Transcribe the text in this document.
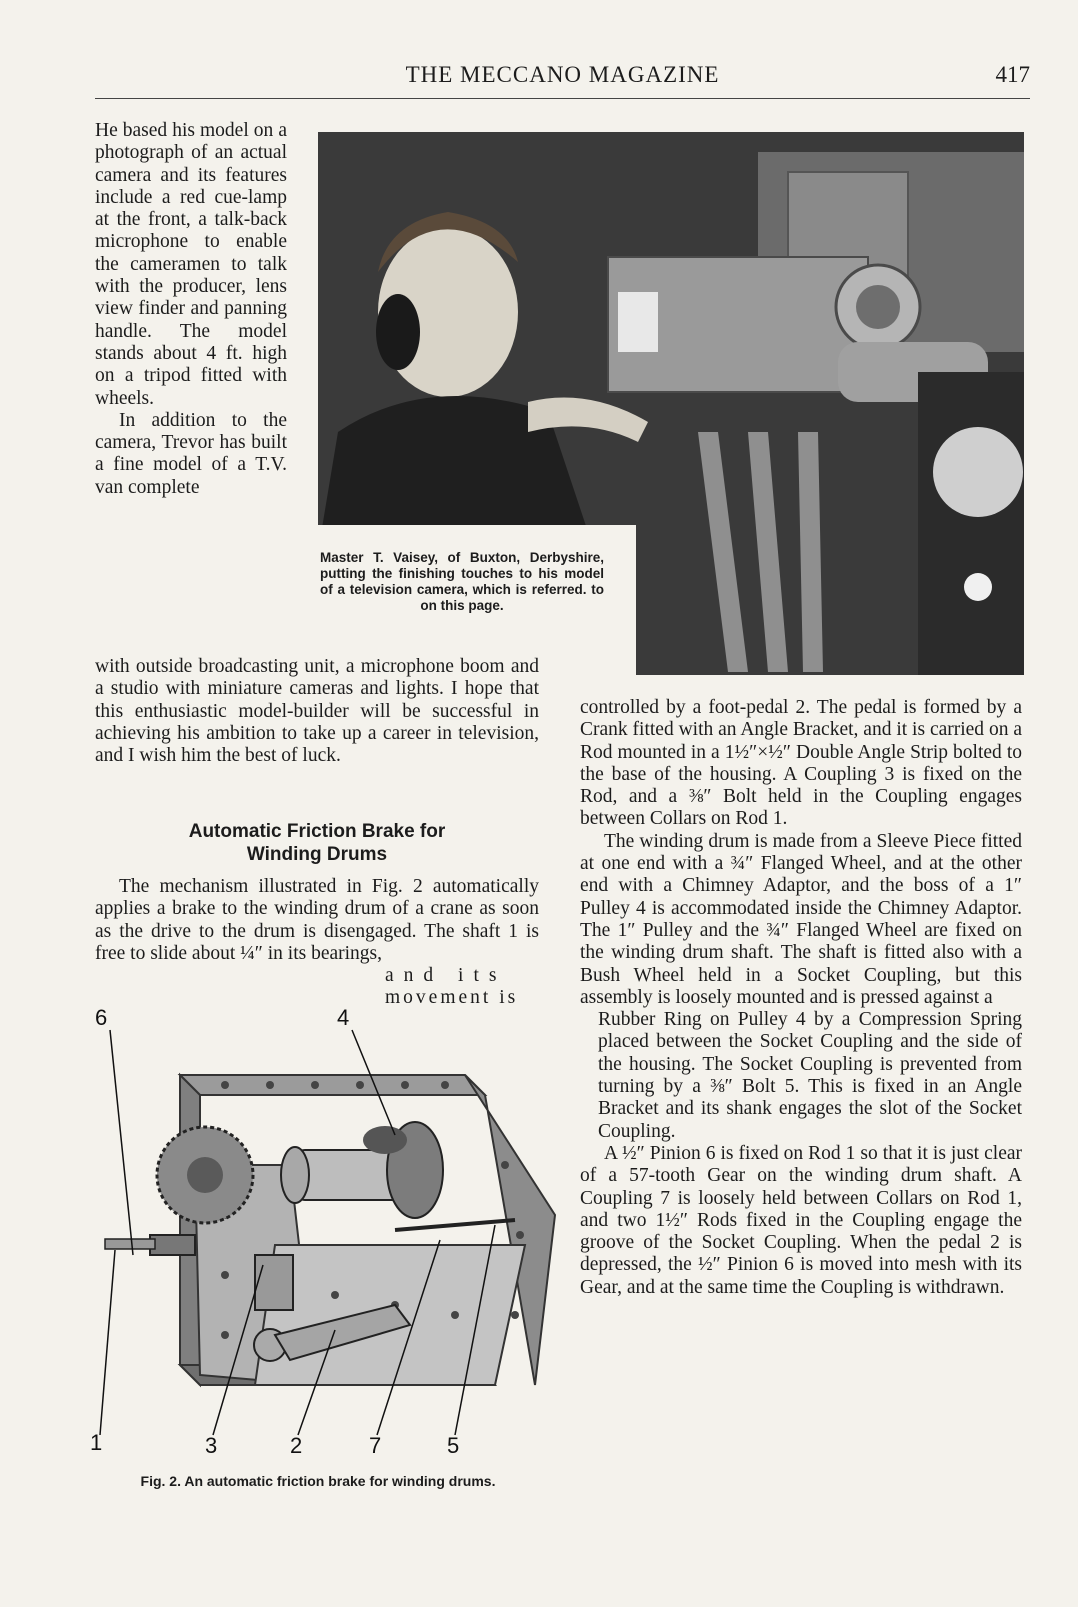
THE MECCANO MAGAZINE	417
Master T. Vaisey, of Buxton, Derbyshire, putting the finishing touches to his model of a television camera, which is referred. to on this page.

He based his model on a photograph of an actual camera and its features include a red cue-lamp at the front, a talk-back microphone to enable the cameramen to talk with the producer, lens view finder and panning handle. The model stands about 4 ft. high on a tripod fitted with wheels.

In addition to the camera, Trevor has built a fine model of a T.V. van complete

with outside broadcasting unit, a microphone boom and a studio with miniature cameras and lights. I hope that this enthusiastic model-builder will be successful in achieving his ambition to take up a career in television, and I wish him the best of luck.

Automatic Friction Brake for
Winding Drums

The mechanism illustrated in Fig. 2 automatically applies a brake to the winding drum of a crane as soon as the drive to the drum is disengaged. The shaft 1 is free to slide about ¼″ in its bearings,

and its

movement is

6	4
1	3	2	7	5
Fig. 2. An automatic friction brake for winding drums.

controlled by a foot-pedal 2. The pedal is formed by a Crank fitted with an Angle Bracket, and it is carried on a Rod mounted in a 1½″×½″ Double Angle Strip bolted to the base of the housing. A Coupling 3 is fixed on the Rod, and a ⅜″ Bolt held in the Coupling engages between Collars on Rod 1.

The winding drum is made from a Sleeve Piece fitted at one end with a ¾″ Flanged Wheel, and at the other end with a Chimney Adaptor, and the boss of a 1″ Pulley 4 is accommodated inside the Chimney Adaptor. The 1″ Pulley and the ¾″ Flanged Wheel are fixed on the winding drum shaft. The shaft is fitted also with a Bush Wheel held in a Socket Coupling, but this assembly is loosely mounted and is pressed against a

Rubber Ring on Pulley 4 by a Compression Spring placed between the Socket Coupling and the side of the housing. The Socket Coupling is prevented from turning by a ⅜″ Bolt 5. This is fixed in an Angle Bracket and its shank engages the slot of the Socket Coupling.

A ½″ Pinion 6 is fixed on Rod 1 so that it is just clear of a 57-tooth Gear on the winding drum shaft. A Coupling 7 is loosely held between Collars on Rod 1, and two 1½″ Rods fixed in the Coupling engage the groove of the Socket Coupling. When the pedal 2 is depressed, the ½″ Pinion 6 is moved into mesh with its Gear, and at the same time the Coupling is withdrawn.
